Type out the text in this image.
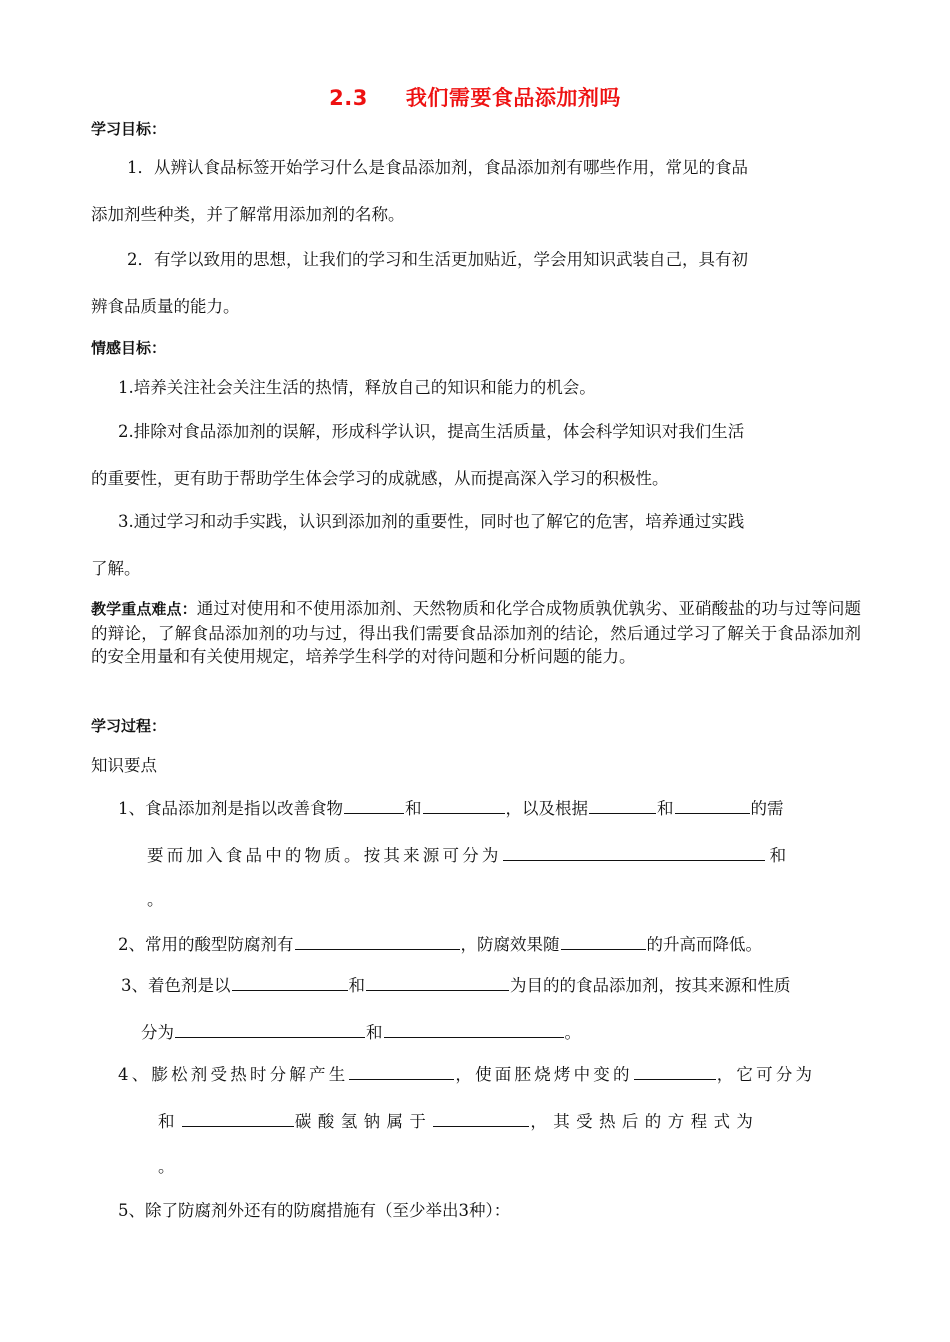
2.3 我们需要食品添加剂吗
学习目标：
1．从辨认食品标签开始学习什么是食品添加剂，食品添加剂有哪些作用，常见的食品
添加剂些种类，并了解常用添加剂的名称。
2．有学以致用的思想，让我们的学习和生活更加贴近，学会用知识武装自己，具有初
辨食品质量的能力。
情感目标：
1.培养关注社会关注生活的热情，释放自己的知识和能力的机会。
2.排除对食品添加剂的误解，形成科学认识，提高生活质量，体会科学知识对我们生活
的重要性，更有助于帮助学生体会学习的成就感，从而提高深入学习的积极性。
3.通过学习和动手实践，认识到添加剂的重要性，同时也了解它的危害，培养通过实践
了解。
教学重点难点：通过对使用和不使用添加剂、天然物质和化学合成物质孰优孰劣、亚硝酸盐的功与过等问题的辩论，了解食品添加剂的功与过，得出我们需要食品添加剂的结论，然后通过学习了解关于食品添加剂的安全用量和有关使用规定，培养学生科学的对待问题和分析问题的能力。
学习过程：
知识要点
1、食品添加剂是指以改善食物	和	，以及根据	和	的需
要而加入食品中的物质。按其来源可分为	和
。
2、常用的酸型防腐剂有	，防腐效果随	的升高而降低。
3、着色剂是以	和	为目的的食品添加剂，按其来源和性质
分为	和	。
4、膨松剂受热时分解产生	，使面胚烧烤中变的	，它可分为
和	碳酸氢钠属于	，其受热后的方程式为
。
5、除了防腐剂外还有的防腐措施有（至少举出3种）：
